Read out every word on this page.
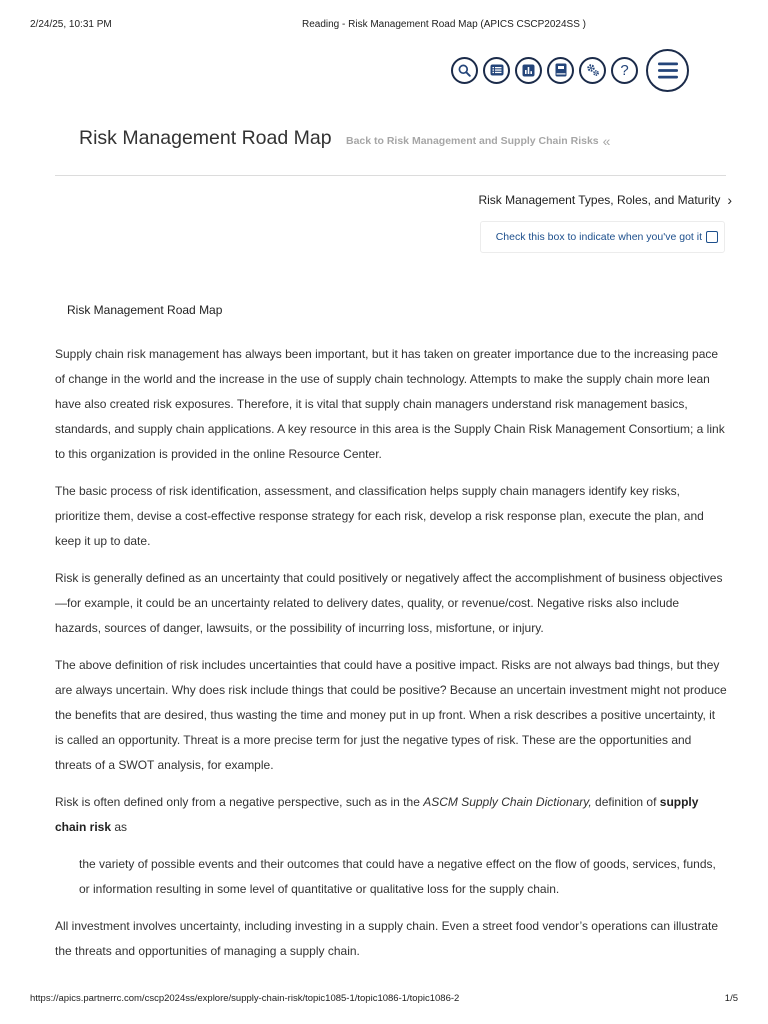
2/24/25, 10:31 PM	Reading - Risk Management Road Map (APICS CSCP2024SS )
?
Risk Management Road Map Back to Risk Management and Supply Chain Risks «
Risk Management Types, Roles, and Maturity ›
Check this box to indicate when you've got it
Risk Management Road Map

Supply chain risk management has always been important, but it has taken on greater importance due to the increasing pace of change in the world and the increase in the use of supply chain technology. Attempts to make the supply chain more lean have also created risk exposures. Therefore, it is vital that supply chain managers understand risk management basics, standards, and supply chain applications. A key resource in this area is the Supply Chain Risk Management Consortium; a link to this organization is provided in the online Resource Center.

The basic process of risk identification, assessment, and classification helps supply chain managers identify key risks, prioritize them, devise a cost-effective response strategy for each risk, develop a risk response plan, execute the plan, and keep it up to date.

Risk is generally defined as an uncertainty that could positively or negatively affect the accomplishment of business objectives—for example, it could be an uncertainty related to delivery dates, quality, or revenue/cost. Negative risks also include hazards, sources of danger, lawsuits, or the possibility of incurring loss, misfortune, or injury.

The above definition of risk includes uncertainties that could have a positive impact. Risks are not always bad things, but they are always uncertain. Why does risk include things that could be positive? Because an uncertain investment might not produce the benefits that are desired, thus wasting the time and money put in up front. When a risk describes a positive uncertainty, it is called an opportunity. Threat is a more precise term for just the negative types of risk. These are the opportunities and threats of a SWOT analysis, for example.

Risk is often defined only from a negative perspective, such as in the ASCM Supply Chain Dictionary, definition of supply chain risk as

the variety of possible events and their outcomes that could have a negative effect on the flow of goods, services, funds, or information resulting in some level of quantitative or qualitative loss for the supply chain.

All investment involves uncertainty, including investing in a supply chain. Even a street food vendor’s operations can illustrate the threats and opportunities of managing a supply chain.

https://apics.partnerrc.com/cscp2024ss/explore/supply-chain-risk/topic1085-1/topic1086-1/topic1086-2	1/5
